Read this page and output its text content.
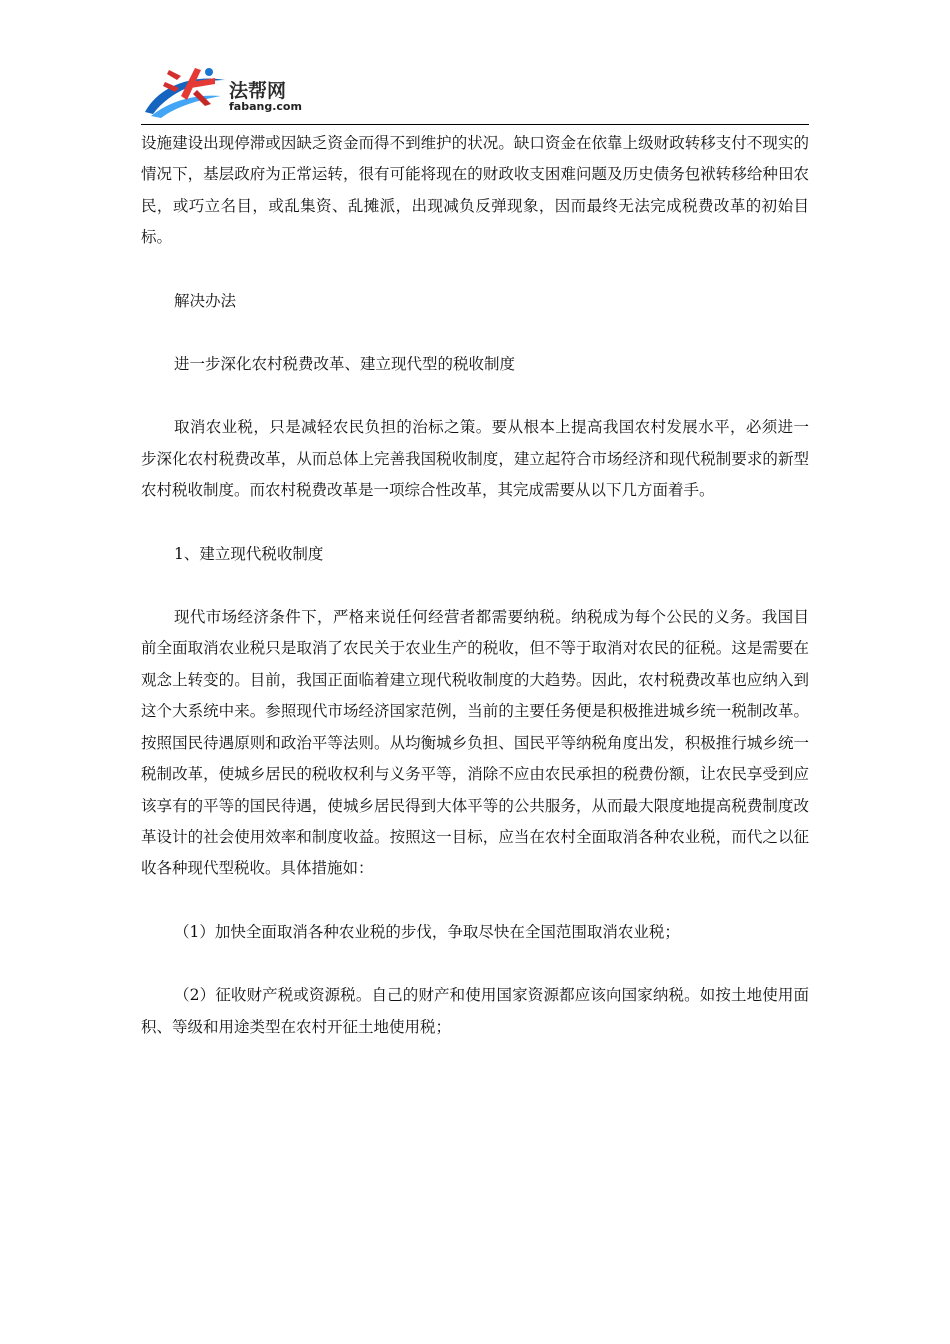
法帮网
fabang.com

设施建设出现停滞或因缺乏资金而得不到维护的状况。缺口资金在依靠上级财政转移支付不现实的情况下，基层政府为正常运转，很有可能将现在的财政收支困难问题及历史债务包袱转移给种田农民，或巧立名目，或乱集资、乱摊派，出现减负反弹现象，因而最终无法完成税费改革的初始目标。

解决办法

进一步深化农村税费改革、建立现代型的税收制度

取消农业税，只是减轻农民负担的治标之策。要从根本上提高我国农村发展水平，必须进一步深化农村税费改革，从而总体上完善我国税收制度，建立起符合市场经济和现代税制要求的新型农村税收制度。而农村税费改革是一项综合性改革，其完成需要从以下几方面着手。

1、建立现代税收制度

现代市场经济条件下，严格来说任何经营者都需要纳税。纳税成为每个公民的义务。我国目前全面取消农业税只是取消了农民关于农业生产的税收，但不等于取消对农民的征税。这是需要在观念上转变的。目前，我国正面临着建立现代税收制度的大趋势。因此，农村税费改革也应纳入到这个大系统中来。参照现代市场经济国家范例，当前的主要任务便是积极推进城乡统一税制改革。按照国民待遇原则和政治平等法则。从均衡城乡负担、国民平等纳税角度出发，积极推行城乡统一税制改革，使城乡居民的税收权利与义务平等，消除不应由农民承担的税费份额，让农民享受到应该享有的平等的国民待遇，使城乡居民得到大体平等的公共服务，从而最大限度地提高税费制度改革设计的社会使用效率和制度收益。按照这一目标，应当在农村全面取消各种农业税，而代之以征收各种现代型税收。具体措施如：

（1）加快全面取消各种农业税的步伐，争取尽快在全国范围取消农业税；

（2）征收财产税或资源税。自己的财产和使用国家资源都应该向国家纳税。如按土地使用面积、等级和用途类型在农村开征土地使用税；
